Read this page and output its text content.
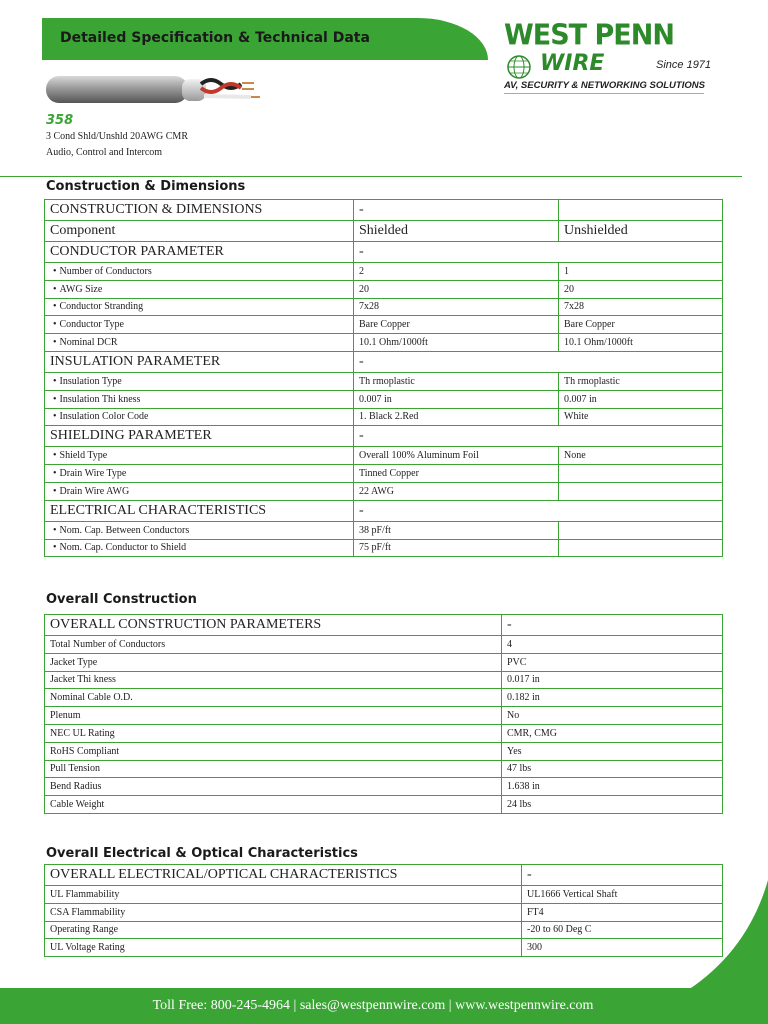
Detailed Specification & Technical Data	WEST PENN
WIRE	Since 1971
AV, SECURITY & NETWORKING SOLUTIONS
358
3 Cond Shld/Unshld 20AWG CMR
Audio, Control and Intercom
Construction & Dimensions
CONSTRUCTION & DIMENSIONS	-	
Component	Shielded	Unshielded
CONDUCTOR PARAMETER	-	
• Number of Conductors	2	1
• AWG Size	20	20
• Conductor Stranding	7x28	7x28
• Conductor Type	Bare Copper	Bare Copper
• Nominal DCR	10.1 Ohm/1000ft	10.1 Ohm/1000ft
INSULATION PARAMETER	-	
• Insulation Type	Th rmoplastic	Th rmoplastic
• Insulation Thi kness	0.007 in	0.007 in
• Insulation Color Code	1. Black 2.Red	White
SHIELDING PARAMETER	-	
• Shield Type	Overall 100% Aluminum Foil	None
• Drain Wire Type	Tinned Copper	
• Drain Wire AWG	22 AWG	
ELECTRICAL CHARACTERISTICS	-	
• Nom. Cap. Between Conductors	38 pF/ft	
• Nom. Cap. Conductor to Shield	75 pF/ft	
Overall Construction
OVERALL CONSTRUCTION PARAMETERS	-
Total Number of Conductors	4
Jacket Type	PVC
Jacket Thi kness	0.017 in
Nominal Cable O.D.	0.182 in
Plenum	No
NEC UL Rating	CMR, CMG
RoHS Compliant	Yes
Pull Tension	47 lbs
Bend Radius	1.638 in
Cable Weight	24 lbs
Overall Electrical & Optical Characteristics
OVERALL ELECTRICAL/OPTICAL CHARACTERISTICS	-
UL Flammability	UL1666 Vertical Shaft
CSA Flammability	FT4
Operating Range	-20 to 60 Deg C
UL Voltage Rating	300
Toll Free: 800-245-4964 | sales@westpennwire.com | www.westpennwire.com
